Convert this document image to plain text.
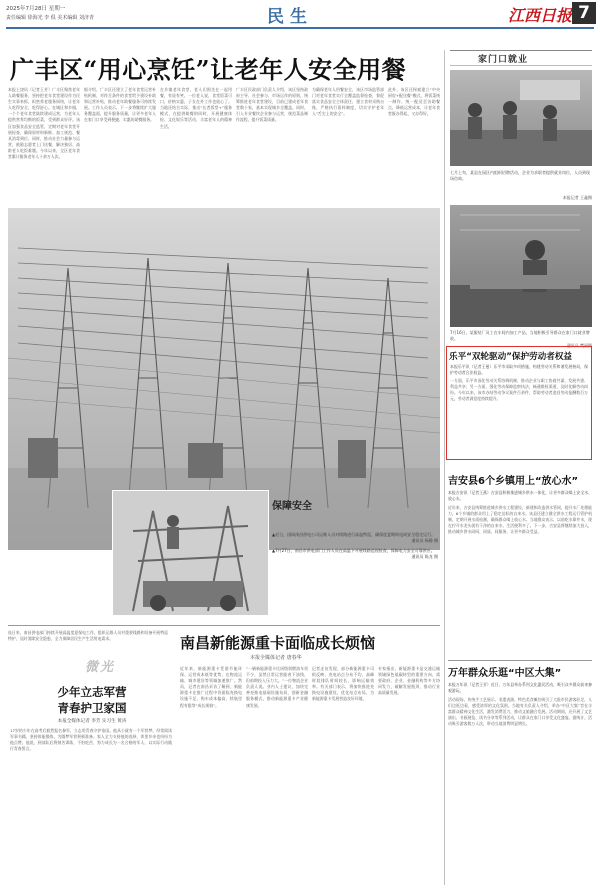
2025年7月28日 星期一
责任编辑 徐海光 李 俱 美术编辑 刘济青	民生	江西日报 7
广丰区“用心烹饪”让老年人安全用餐
本报上饶讯（记者王芳）广丰区聚焦老年人助餐服务，坚持把老年食堂建设作为民生实事来抓，织密养老服务网络，让老年人吃得安全、吃得舒心。在城区和乡镇，一个个老年食堂陆续建成运营，为老年人提供营养均衡的饭菜，受到群众好评。该区加强食品安全监管，定期对老年食堂开展检查，确保原材料新鲜、加工规范、餐具消毒到位。同时，推动社会力量参与运营，鼓励志愿者上门送餐，解决独居、高龄老人吃饭难题。今年以来，全区老年食堂累计服务老年人十余万人次。
据介绍，广丰区还建立了老年食堂运营补贴机制，对符合条件的食堂给予建设补助和运营补贴，推动老年助餐服务可持续发展。工作人员表示，下一步将继续扩大服务覆盖面，提升服务质量，让更多老年人在家门口享受到便捷、实惠的助餐服务。
在乡镇老年食堂，老人们围坐在一起用餐，有说有笑。一位老人说，食堂饭菜可口，价格实惠，子女在外工作也放心了。当地还结合实际，推出“长者饭堂+”服务模式，在提供助餐的同时，开展健康体检、文化娱乐等活动，丰富老年人的精神生活。
广丰区民政部门负责人介绍，该区坚持政府主导、社会参与、市场运作的原则，统筹推进老年食堂建设，目前已建成老年食堂数十家，基本实现城乡全覆盖。同时，引入专业餐饮企业参与运营，规范菜品制作流程，提升饭菜质量。
为确保老年人用餐安全，该区市场监管部门对老年食堂实行全覆盖监督检查，督促落实食品安全主体责任，建立食材采购台账，严格执行留样制度，切实守护老年人“舌尖上的安全”。
此外，该区还探索建立“中央厨房+配送餐”模式，将饭菜统一制作、统一配送至各助餐点，降低运营成本，让老年食堂既办得起、又办得好。
保障安全
▲近日，国网南昌供电公司运维人员对线路进行高温特巡，确保度夏期间电网安全稳定运行。
通讯员 杨静 摄
▲7月27日，南昌市供电部门工作人员在高温下开展线路巡视检查，保障电力安全可靠供应。
通讯员 陈龙 摄
家门口就业
七月上旬，某县在园区内组织招聘活动，企业为求职者提供就业岗位，人员到现场咨询。
本报记者 王鑫摄
7月16日，某服装厂员工在车间内加工产品，当地积极引导群众在家门口就业增收。
通讯员 樊丽摄
乐平“双轮驱动”保护劳动者权益
本报乐平讯（记者王曼）乐平市采取多项措施，构建劳动关系和谐发展格局，保护劳动者合法权益。
一方面，乐平市深化劳动关系协调机制，推动企业与职工协商共谋、发展共建、利益共享；另一方面，强化劳动保障监察执法，畅通维权渠道，及时化解劳动纠纷。今年以来，该市办结劳动争议案件百余件，帮助劳动者追回劳动报酬数百万元，劳动者满意度持续提升。
吉安县6个乡镇用上“放心水”
本报吉安讯（记者王燕）吉安县积极推进城乡供水一体化，让更多群众喝上安全水、放心水。
近年来，吉安县统筹推进城乡供水工程建设，新建和改造供水管网，提升水厂处理能力，6个乡镇的群众用上了稳定达标的自来水。该县还建立健全供水工程运行管护机制，定期开展水质检测，确保群众喝上放心水。当地群众表示，以前吃水靠井水，现在拧开水龙头就有干净的自来水，生活便利多了。下一步，吉安县将继续加大投入，推动城乡供水同网、同质、同服务，让更多群众受益。
南昌新能源重卡面临成长烦恼
本报全媒体记者 唐春华
近年来，新能源重卡凭借节能环保、运营成本低等优势，在物流运输、城市建设等领域加速推广。然而，记者在南昌采访了解到，新能源重卡在推广过程中仍面临充换电设施不足、购车成本偏高、续航里程有限等“成长烦恼”。
“一辆新能源重卡比同级别燃油车贵不少，虽然日常运营能省下油钱，但前期投入压力大。”一位物流企业负责人说。业内人士建议，加快完善充换电基础设施布局，创新金融服务模式，推动新能源重卡产业健康发展。
记者走访发现，部分新能源重卡司机反映，充电站点分布不均，高峰时段排队时间较长，影响运输效率。有关部门表示，将加快推进充换电设施建设，优化站点布局，为新能源重卡发展营造良好环境。
专家指出，新能源重卡是交通运输领域绿色低碳转型的重要方向，需要政府、企业、金融机构等多方协同发力，破解发展瓶颈，推动行业高质量发展。
连日来，南昌供电部门持续开展高温度夏保电工作，组织运维人员对重要线路和设备开展特巡特护，及时消除安全隐患，全力保障居民生产生活用电需求。
微光
少年立志军营
青春护卫家国
本报全媒体记者 李芳 实习生 黄涛
17岁的少年在高考后毅然报名参军，立志用青春守护家国。他从小就有一个军营梦，经常阅读军事书籍，坚持体能锻炼，为圆梦军营积极准备。家人全力支持他的选择，邻里乡亲也纷纷为他点赞。他说，到部队后将刻苦训练，不怕吃苦，努力成长为一名合格的军人，以实际行动践行青春誓言。
万年群众乐逛“中区大集”
本报万年讯（记者王芳）近日，万年县举办系列文化惠民活动，吸引众多群众前来参观游玩。
活动现场，传统手工艺展示、非遗表演、特色美食摊位吸引了大批市民游客驻足，人们边逛边看，感受浓厚的文化氛围。当地有关负责人介绍，举办“中区大集”旨在丰富群众精神文化生活，激发消费活力，推动文旅融合发展。活动期间，还开展了文艺演出、书画展览、读书分享等系列活动，让群众在家门口享受文化盛宴。据统计，活动吸引游客数万人次，带动当地消费明显增长。
